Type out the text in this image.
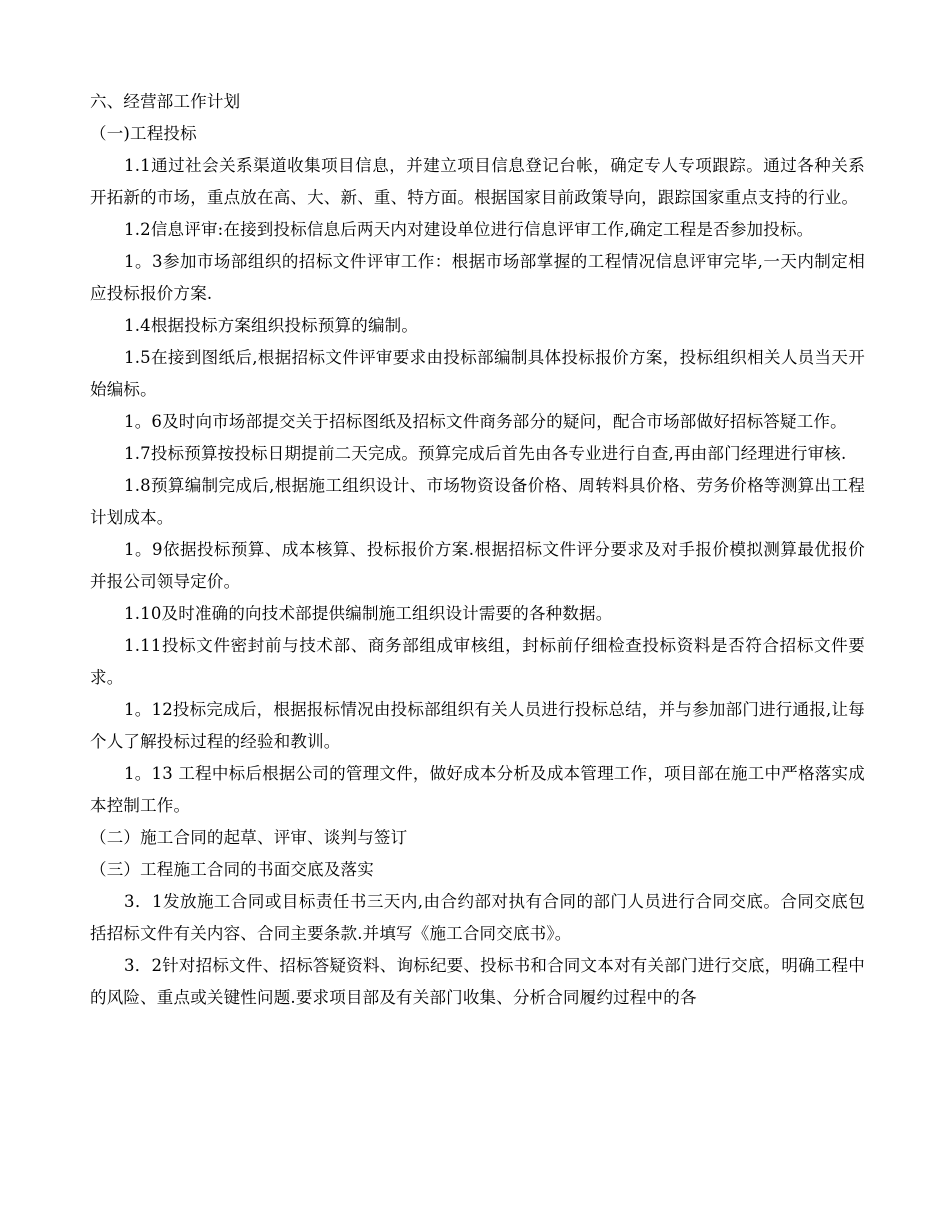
六、经营部工作计划

（一)工程投标

1.1通过社会关系渠道收集项目信息，并建立项目信息登记台帐，确定专人专项跟踪。通过各种关系开拓新的市场，重点放在高、大、新、重、特方面。根据国家目前政策导向，跟踪国家重点支持的行业。

1.2信息评审:在接到投标信息后两天内对建设单位进行信息评审工作,确定工程是否参加投标。

1。3参加市场部组织的招标文件评审工作：根据市场部掌握的工程情况信息评审完毕,一天内制定相应投标报价方案.

1.4根据投标方案组织投标预算的编制。

1.5在接到图纸后,根据招标文件评审要求由投标部编制具体投标报价方案，投标组织相关人员当天开始编标。

1。6及时向市场部提交关于招标图纸及招标文件商务部分的疑问，配合市场部做好招标答疑工作。

1.7投标预算按投标日期提前二天完成。预算完成后首先由各专业进行自查,再由部门经理进行审核.

1.8预算编制完成后,根据施工组织设计、市场物资设备价格、周转料具价格、劳务价格等测算出工程计划成本。

1。9依据投标预算、成本核算、投标报价方案.根据招标文件评分要求及对手报价模拟测算最优报价并报公司领导定价。

1.10及时准确的向技术部提供编制施工组织设计需要的各种数据。

1.11投标文件密封前与技术部、商务部组成审核组，封标前仔细检查投标资料是否符合招标文件要求。

1。12投标完成后，根据报标情况由投标部组织有关人员进行投标总结，并与参加部门进行通报,让每个人了解投标过程的经验和教训。

1。13 工程中标后根据公司的管理文件，做好成本分析及成本管理工作，项目部在施工中严格落实成本控制工作。

（二）施工合同的起草、评审、谈判与签订

（三）工程施工合同的书面交底及落实

3．1发放施工合同或目标责任书三天内,由合约部对执有合同的部门人员进行合同交底。合同交底包括招标文件有关内容、合同主要条款.并填写《施工合同交底书》。

3．2针对招标文件、招标答疑资料、询标纪要、投标书和合同文本对有关部门进行交底，明确工程中的风险、重点或关键性问题.要求项目部及有关部门收集、分析合同履约过程中的各
